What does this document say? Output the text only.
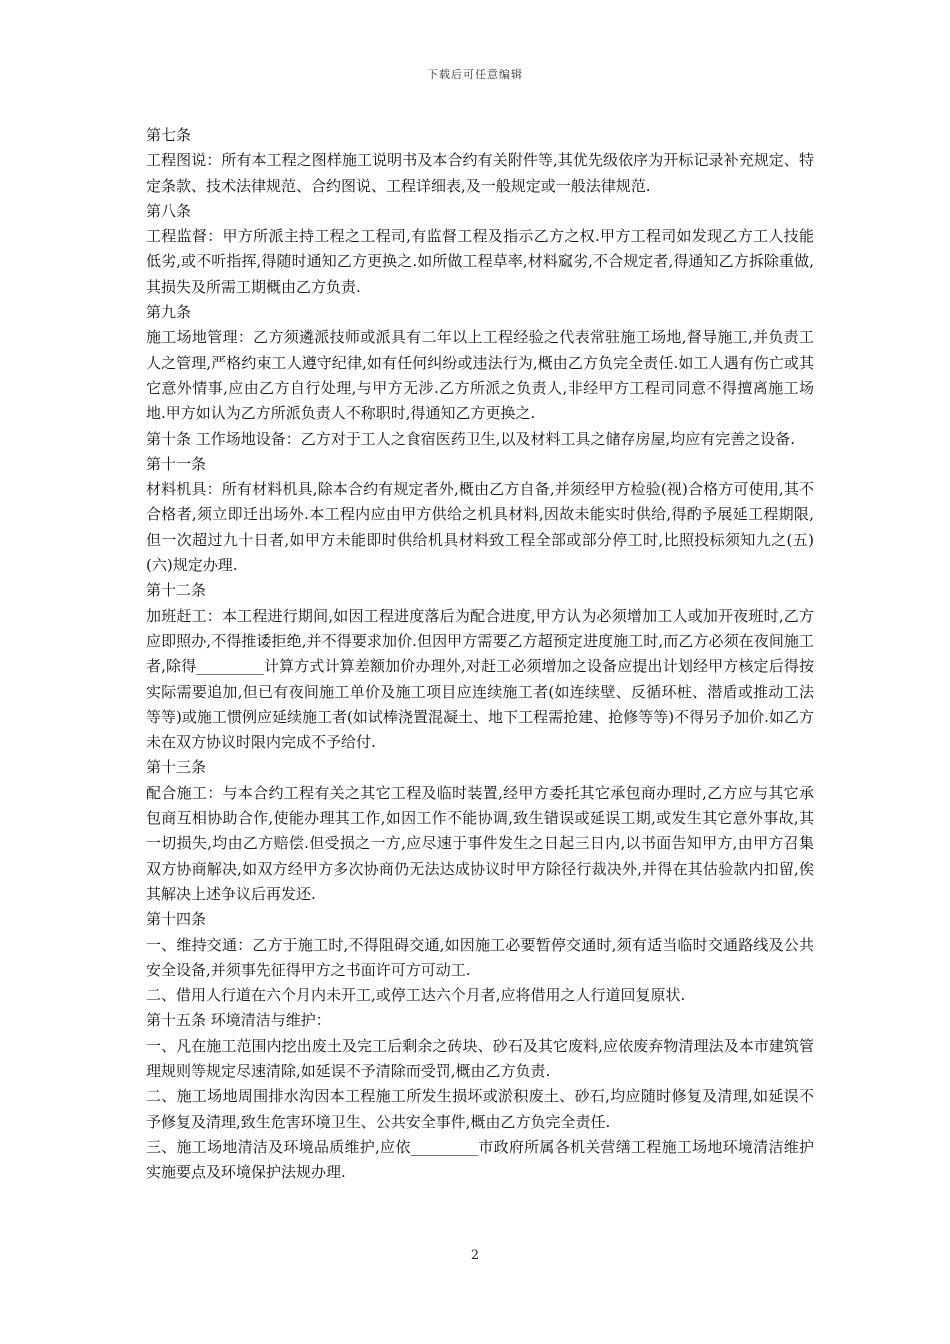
下载后可任意编辑

第七条

工程图说：所有本工程之图样施工说明书及本合约有关附件等,其优先级依序为开标记录补充规定、特定条款、技术法律规范、合约图说、工程详细表,及一般规定或一般法律规范.

第八条

工程监督：甲方所派主持工程之工程司,有监督工程及指示乙方之权.甲方工程司如发现乙方工人技能低劣,或不听指挥,得随时通知乙方更换之.如所做工程草率,材料窳劣,不合规定者,得通知乙方拆除重做,其损失及所需工期概由乙方负责.

第九条

施工场地管理：乙方须遴派技师或派具有二年以上工程经验之代表常驻施工场地,督导施工,并负责工人之管理,严格约束工人遵守纪律,如有任何纠纷或违法行为,概由乙方负完全责任.如工人遇有伤亡或其它意外情事,应由乙方自行处理,与甲方无涉.乙方所派之负责人,非经甲方工程司同意不得擅离施工场地.甲方如认为乙方所派负责人不称职时,得通知乙方更换之.

第十条 工作场地设备：乙方对于工人之食宿医药卫生,以及材料工具之储存房屋,均应有完善之设备.

第十一条

材料机具：所有材料机具,除本合约有规定者外,概由乙方自备,并须经甲方检验(视)合格方可使用,其不合格者,须立即迁出场外.本工程内应由甲方供给之机具材料,因故未能实时供给,得酌予展延工程期限,但一次超过九十日者,如甲方未能即时供给机具材料致工程全部或部分停工时,比照投标须知九之(五)(六)规定办理.

第十二条

加班赶工：本工程进行期间,如因工程进度落后为配合进度,甲方认为必须增加工人或加开夜班时,乙方应即照办,不得推诿拒绝,并不得要求加价.但因甲方需要乙方超预定进度施工时,而乙方必须在夜间施工者,除得_________计算方式计算差额加价办理外,对赶工必须增加之设备应提出计划经甲方核定后得按实际需要追加,但已有夜间施工单价及施工项目应连续施工者(如连续壁、反循环桩、潜盾或推动工法等等)或施工惯例应延续施工者(如试棒浇置混凝土、地下工程需抢建、抢修等等)不得另予加价.如乙方未在双方协议时限内完成不予给付.

第十三条

配合施工：与本合约工程有关之其它工程及临时装置,经甲方委托其它承包商办理时,乙方应与其它承包商互相协助合作,使能办理其工作,如因工作不能协调,致生错误或延误工期,或发生其它意外事故,其一切损失,均由乙方赔偿.但受损之一方,应尽速于事件发生之日起三日内,以书面告知甲方,由甲方召集双方协商解决,如双方经甲方多次协商仍无法达成协议时甲方除径行裁决外,并得在其估验款内扣留,俟其解决上述争议后再发还.

第十四条

一、维持交通：乙方于施工时,不得阻碍交通,如因施工必要暂停交通时,须有适当临时交通路线及公共安全设备,并须事先征得甲方之书面许可方可动工.

二、借用人行道在六个月内未开工,或停工达六个月者,应将借用之人行道回复原状.

第十五条 环境清洁与维护：

一、凡在施工范围内挖出废土及完工后剩余之砖块、砂石及其它废料,应依废弃物清理法及本市建筑管理规则等规定尽速清除,如延误不予清除而受罚,概由乙方负责.

二、施工场地周围排水沟因本工程施工所发生损坏或淤积废土、砂石,均应随时修复及清理,如延误不予修复及清理,致生危害环境卫生、公共安全事件,概由乙方负完全责任.

三、施工场地清洁及环境品质维护,应依_________市政府所属各机关营缮工程施工场地环境清洁维护实施要点及环境保护法规办理.

2
